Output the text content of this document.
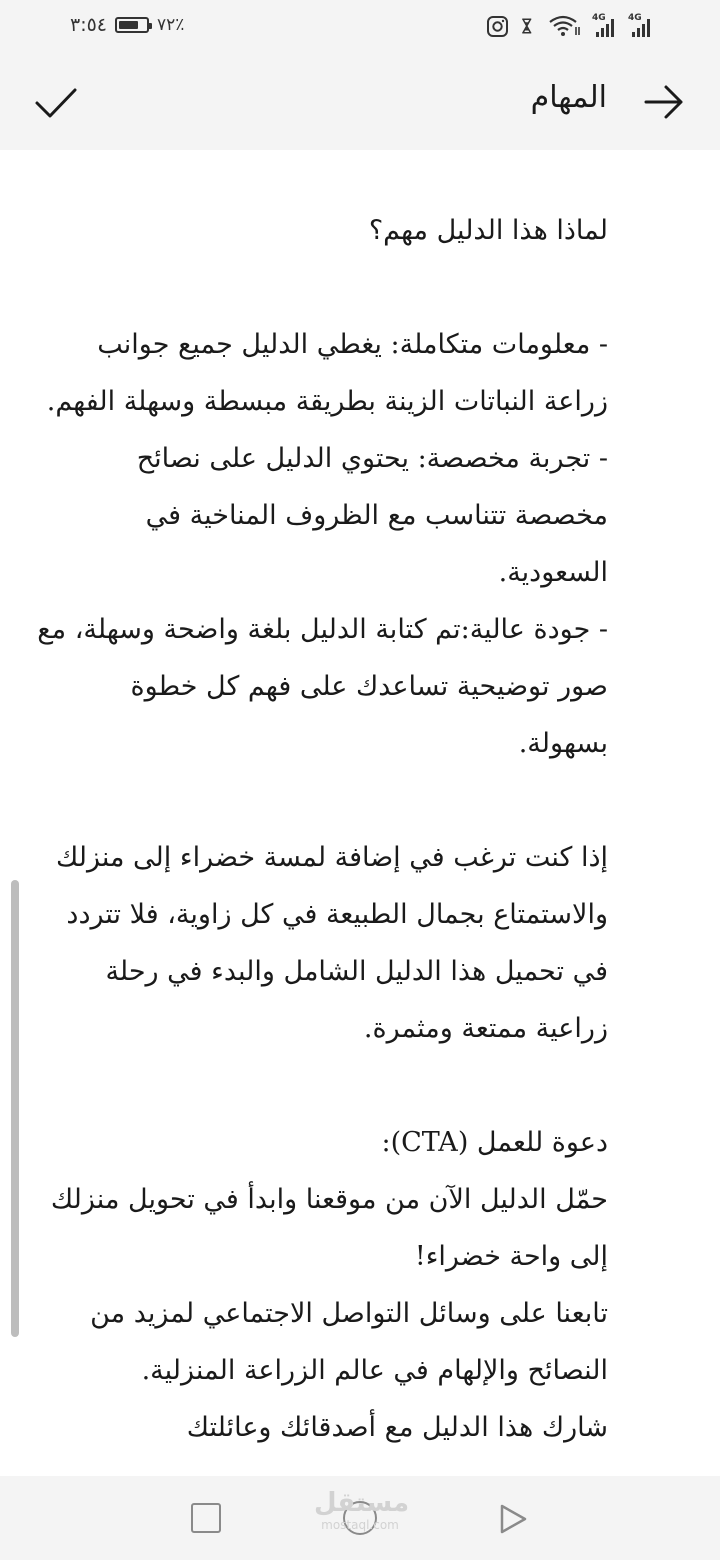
٣:٥٤	٧٢٪	4G 4G
المهام

لماذا هذا الدليل مهم؟

- معلومات متكاملة: يغطي الدليل جميع جوانب زراعة النباتات الزينة بطريقة مبسطة وسهلة الفهم.

- تجربة مخصصة: يحتوي الدليل على نصائح مخصصة تتناسب مع الظروف المناخية في السعودية.

- جودة عالية:تم كتابة الدليل بلغة واضحة وسهلة، مع صور توضيحية تساعدك على فهم كل خطوة بسهولة.

إذا كنت ترغب في إضافة لمسة خضراء إلى منزلك والاستمتاع بجمال الطبيعة في كل زاوية، فلا تتردد في تحميل هذا الدليل الشامل والبدء في رحلة زراعية ممتعة ومثمرة.

دعوة للعمل (CTA):

حمّل الدليل الآن من موقعنا وابدأ في تحويل منزلك إلى واحة خضراء!

تابعنا على وسائل التواصل الاجتماعي لمزيد من النصائح والإلهام في عالم الزراعة المنزلية.

شارك هذا الدليل مع أصدقائك وعائلتك

مستقل
mostaql.com
